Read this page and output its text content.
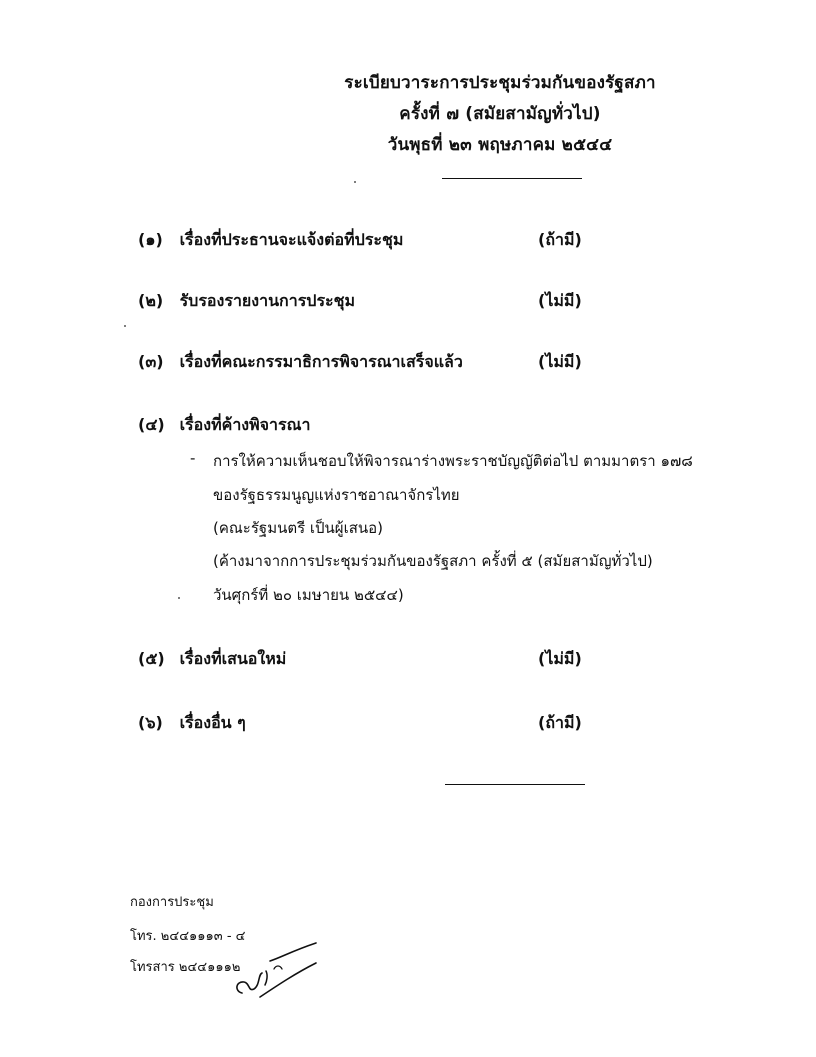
ระเบียบวาระการประชุมร่วมกันของรัฐสภา
ครั้งที่ ๗ (สมัยสามัญทั่วไป)
วันพุธที่ ๒๓ พฤษภาคม ๒๕๔๔
(๑) เรื่องที่ประธานจะแจ้งต่อที่ประชุม	(ถ้ามี)
(๒) รับรองรายงานการประชุม	(ไม่มี)
(๓) เรื่องที่คณะกรรมาธิการพิจารณาเสร็จแล้ว	(ไม่มี)
(๔) เรื่องที่ค้างพิจารณา
- การให้ความเห็นชอบให้พิจารณาร่างพระราชบัญญัติต่อไป ตามมาตรา ๑๗๘
ของรัฐธรรมนูญแห่งราชอาณาจักรไทย
(คณะรัฐมนตรี เป็นผู้เสนอ)
(ค้างมาจากการประชุมร่วมกันของรัฐสภา ครั้งที่ ๕ (สมัยสามัญทั่วไป)
วันศุกร์ที่ ๒๐ เมษายน ๒๕๔๔)
(๕) เรื่องที่เสนอใหม่	(ไม่มี)
(๖) เรื่องอื่น ๆ	(ถ้ามี)
กองการประชุม
โทร. ๒๔๔๑๑๑๓ - ๔
โทรสาร ๒๔๔๑๑๑๒
